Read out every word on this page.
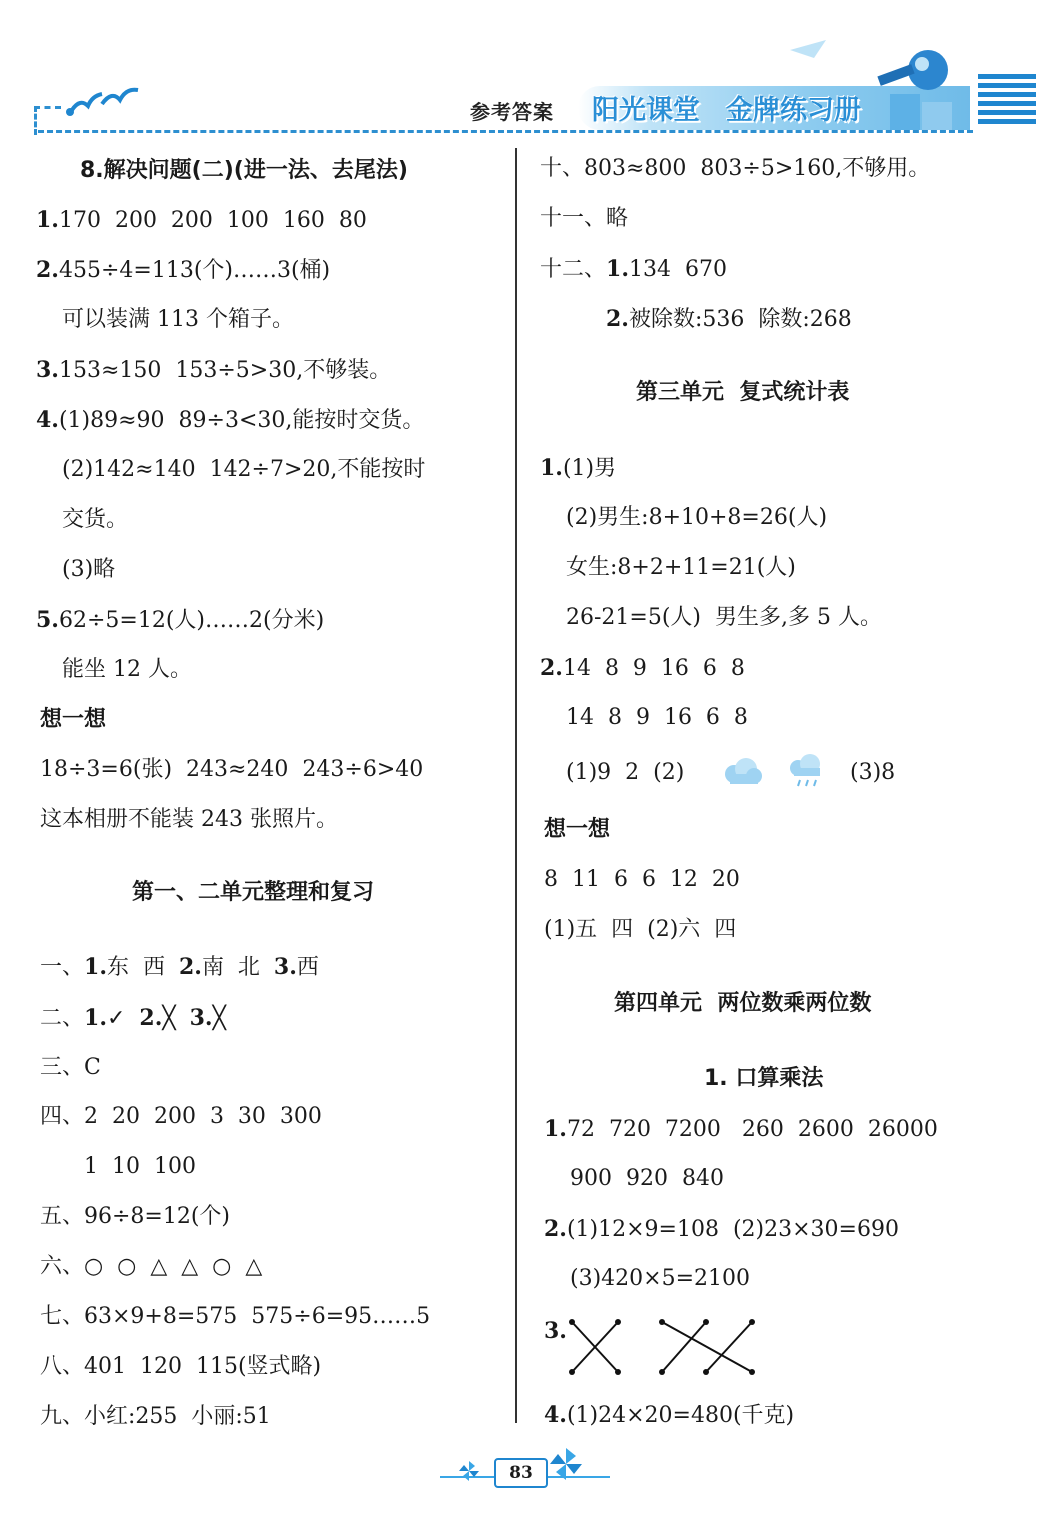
参考答案 阳光课堂 金牌练习册
8.解决问题(二)(进一法、去尾法)
1.170  200  200  100  160  80
2.455÷4=113(个)……3(桶)
可以装满 113 个箱子。
3.153≈150  153÷5>30,不够装。
4.(1)89≈90  89÷3<30,能按时交货。
(2)142≈140  142÷7>20,不能按时
交货。
(3)略
5.62÷5=12(人)……2(分米)
能坐 12 人。
想一想
18÷3=6(张)  243≈240  243÷6>40
这本相册不能装 243 张照片。
第一、二单元整理和复习
一、1.东  西  2.南  北  3.西
二、1.✓  2.╳  3.╳
三、C
四、2  20  200  3  30  300
1  10  100
五、96÷8=12(个)
六、○  ○  △  △  ○  △
七、63×9+8=575  575÷6=95……5
八、401  120  115(竖式略)
九、小红:255  小丽:51
十、803≈800  803÷5>160,不够用。
十一、略
十二、1.134  670
2.被除数:536  除数:268
第三单元  复式统计表
1.(1)男
(2)男生:8+10+8=26(人)
女生:8+2+11=21(人)
26-21=5(人)  男生多,多 5 人。
2.14  8  9  16  6  8
14  8  9  16  6  8
(1)9  2  (2)	(3)8
想一想
8  11  6  6  12  20
(1)五  四  (2)六  四
第四单元  两位数乘两位数
1. 口算乘法
1.72  720  7200   260  2600  26000
900  920  840
2.(1)12×9=108  (2)23×30=690
(3)420×5=2100
3.
4.(1)24×20=480(千克)
83
